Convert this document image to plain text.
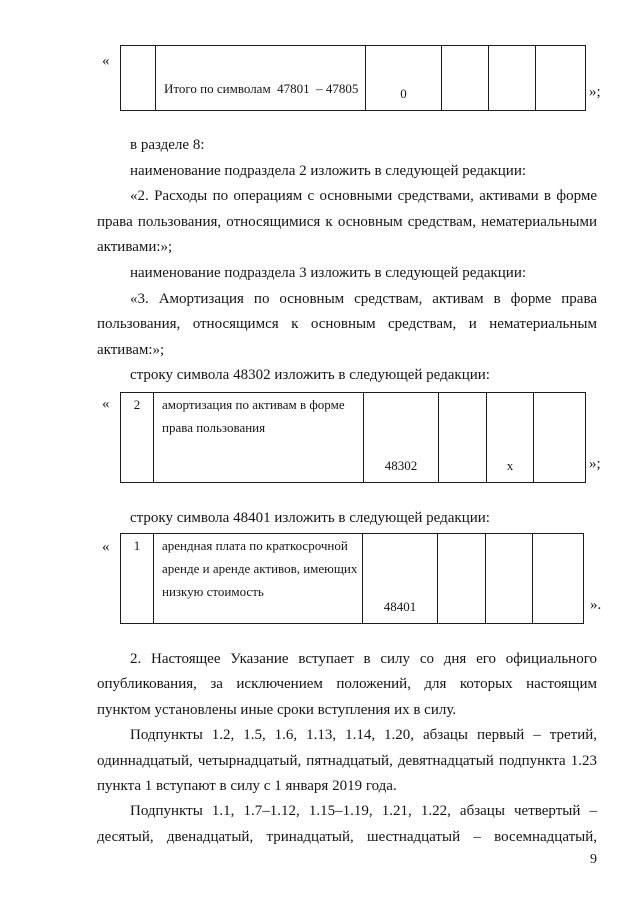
«
	Итого по символам  47801  – 47805	0				»;
в разделе 8:
наименование подраздела 2 изложить в следующей редакции:
«2. Расходы по операциям с основными средствами, активами в форме
права пользования, относящимися к основным средствам, нематериальными
активами:»;
наименование подраздела 3 изложить в следующей редакции:
«3. Амортизация по основным средствам, активам в форме права
пользования, относящимся к основным средствам, и нематериальным
активам:»;
строку символа 48302 изложить в следующей редакции:
« 2	амортизация по активам в форме
права пользования
	48302		х		»;
строку символа 48401 изложить в следующей редакции:
« 1	арендная плата по краткосрочной
аренде и аренде активов, имеющих
низкую стоимость
	48401				».
2. Настоящее Указание вступает в силу со дня его официального
опубликования, за исключением положений, для которых настоящим
пунктом установлены иные сроки вступления их в силу.
Подпункты 1.2, 1.5, 1.6, 1.13, 1.14, 1.20, абзацы первый – третий,
одиннадцатый, четырнадцатый, пятнадцатый, девятнадцатый подпункта 1.23
пункта 1 вступают в силу с 1 января 2019 года.
Подпункты 1.1, 1.7–1.12, 1.15–1.19, 1.21, 1.22, абзацы четвертый –
десятый, двенадцатый, тринадцатый, шестнадцатый – восемнадцатый,
9
